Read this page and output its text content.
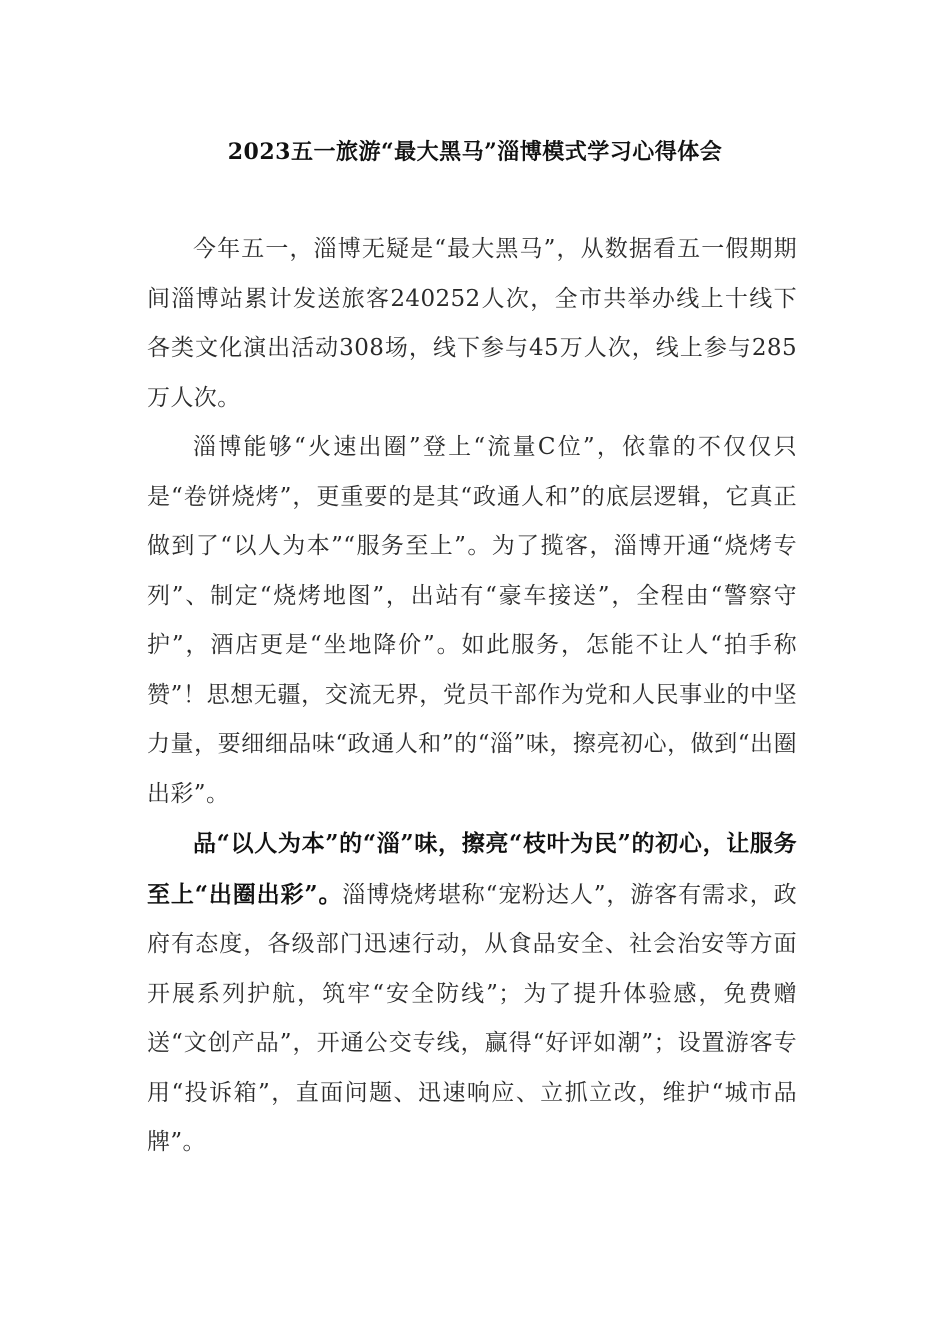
2023五一旅游“最大黑马”淄博模式学习心得体会

今年五一，淄博无疑是“最大黑马”，从数据看五一假期期间淄博站累计发送旅客240252人次，全市共举办线上十线下各类文化演出活动308场，线下参与45万人次，线上参与285万人次。

淄博能够“火速出圈”登上“流量C位”，依靠的不仅仅只是“卷饼烧烤”，更重要的是其“政通人和”的底层逻辑，它真正做到了“以人为本”“服务至上”。为了揽客，淄博开通“烧烤专列”、制定“烧烤地图”，出站有“豪车接送”，全程由“警察守护”，酒店更是“坐地降价”。如此服务，怎能不让人“拍手称赞”！思想无疆，交流无界，党员干部作为党和人民事业的中坚力量，要细细品味“政通人和”的“淄”味，擦亮初心，做到“出圈出彩”。

品“以人为本”的“淄”味，擦亮“枝叶为民”的初心，让服务至上“出圈出彩”。淄博烧烤堪称“宠粉达人”，游客有需求，政府有态度，各级部门迅速行动，从食品安全、社会治安等方面开展系列护航，筑牢“安全防线”；为了提升体验感，免费赠送“文创产品”，开通公交专线，赢得“好评如潮”；设置游客专用“投诉箱”，直面问题、迅速响应、立抓立改，维护“城市品牌”。
